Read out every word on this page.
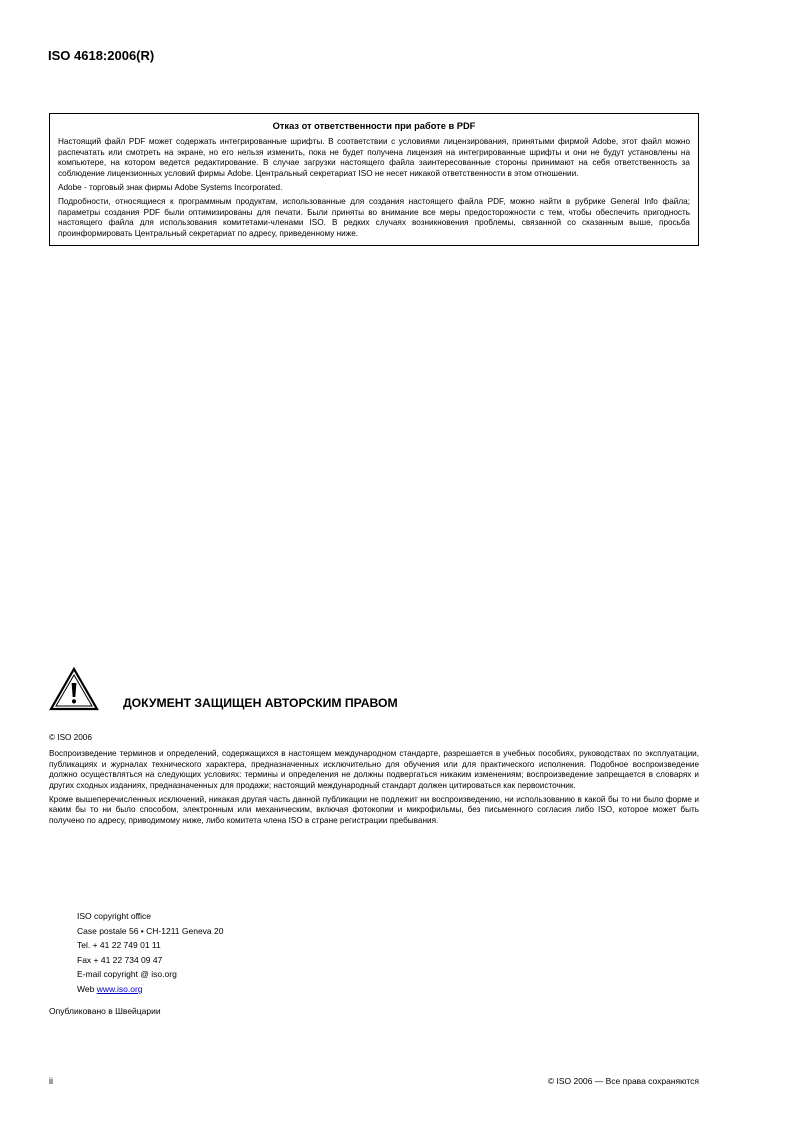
ISO 4618:2006(R)
Отказ от ответственности при работе в PDF

Настоящий файл PDF может содержать интегрированные шрифты. В соответствии с условиями лицензирования, принятыми фирмой Adobe, этот файл можно распечатать или смотреть на экране, но его нельзя изменить, пока не будет получена лицензия на интегрированные шрифты и они не будут установлены на компьютере, на котором ведется редактирование. В случае загрузки настоящего файла заинтересованные стороны принимают на себя ответственность за соблюдение лицензионных условий фирмы Adobe. Центральный секретариат ISO не несет никакой ответственности в этом отношении.

Adobe - торговый знак фирмы Adobe Systems Incorporated.

Подробности, относящиеся к программным продуктам, использованные для создания настоящего файла PDF, можно найти в рубрике General Info файла; параметры создания PDF были оптимизированы для печати. Были приняты во внимание все меры предосторожности с тем, чтобы обеспечить пригодность настоящего файла для использования комитетами-членами ISO. В редких случаях возникновения проблемы, связанной со сказанным выше, просьба проинформировать Центральный секретариат по адресу, приведенному ниже.

ДОКУМЕНТ ЗАЩИЩЕН АВТОРСКИМ ПРАВОМ

© ISO 2006

Воспроизведение терминов и определений, содержащихся в настоящем международном стандарте, разрешается в учебных пособиях, руководствах по эксплуатации, публикациях и журналах технического характера, предназначенных исключительно для обучения или для практического исполнения. Подобное воспроизведение должно осуществляться на следующих условиях: термины и определения не должны подвергаться никаким изменениям; воспроизведение запрещается в словарях и других сходных изданиях, предназначенных для продажи; настоящий международный стандарт должен цитироваться как первоисточник.

Кроме вышеперечисленных исключений, никакая другая часть данной публикации не подлежит ни воспроизведению, ни использованию в какой бы то ни было форме и каким бы то ни было способом, электронным или механическим, включая фотокопии и микрофильмы, без письменного согласия либо ISO, которое может быть получено по адресу, приводимому ниже, либо комитета члена ISO в стране регистрации пребывания.

ISO copyright office
Case postale 56 • CH-1211 Geneva 20
Tel. + 41 22 749 01 11
Fax + 41 22 734 09 47
E-mail copyright @ iso.org
Web www.iso.org
Опубликовано в Швейцарии
ii	© ISO 2006 — Все права сохраняются
